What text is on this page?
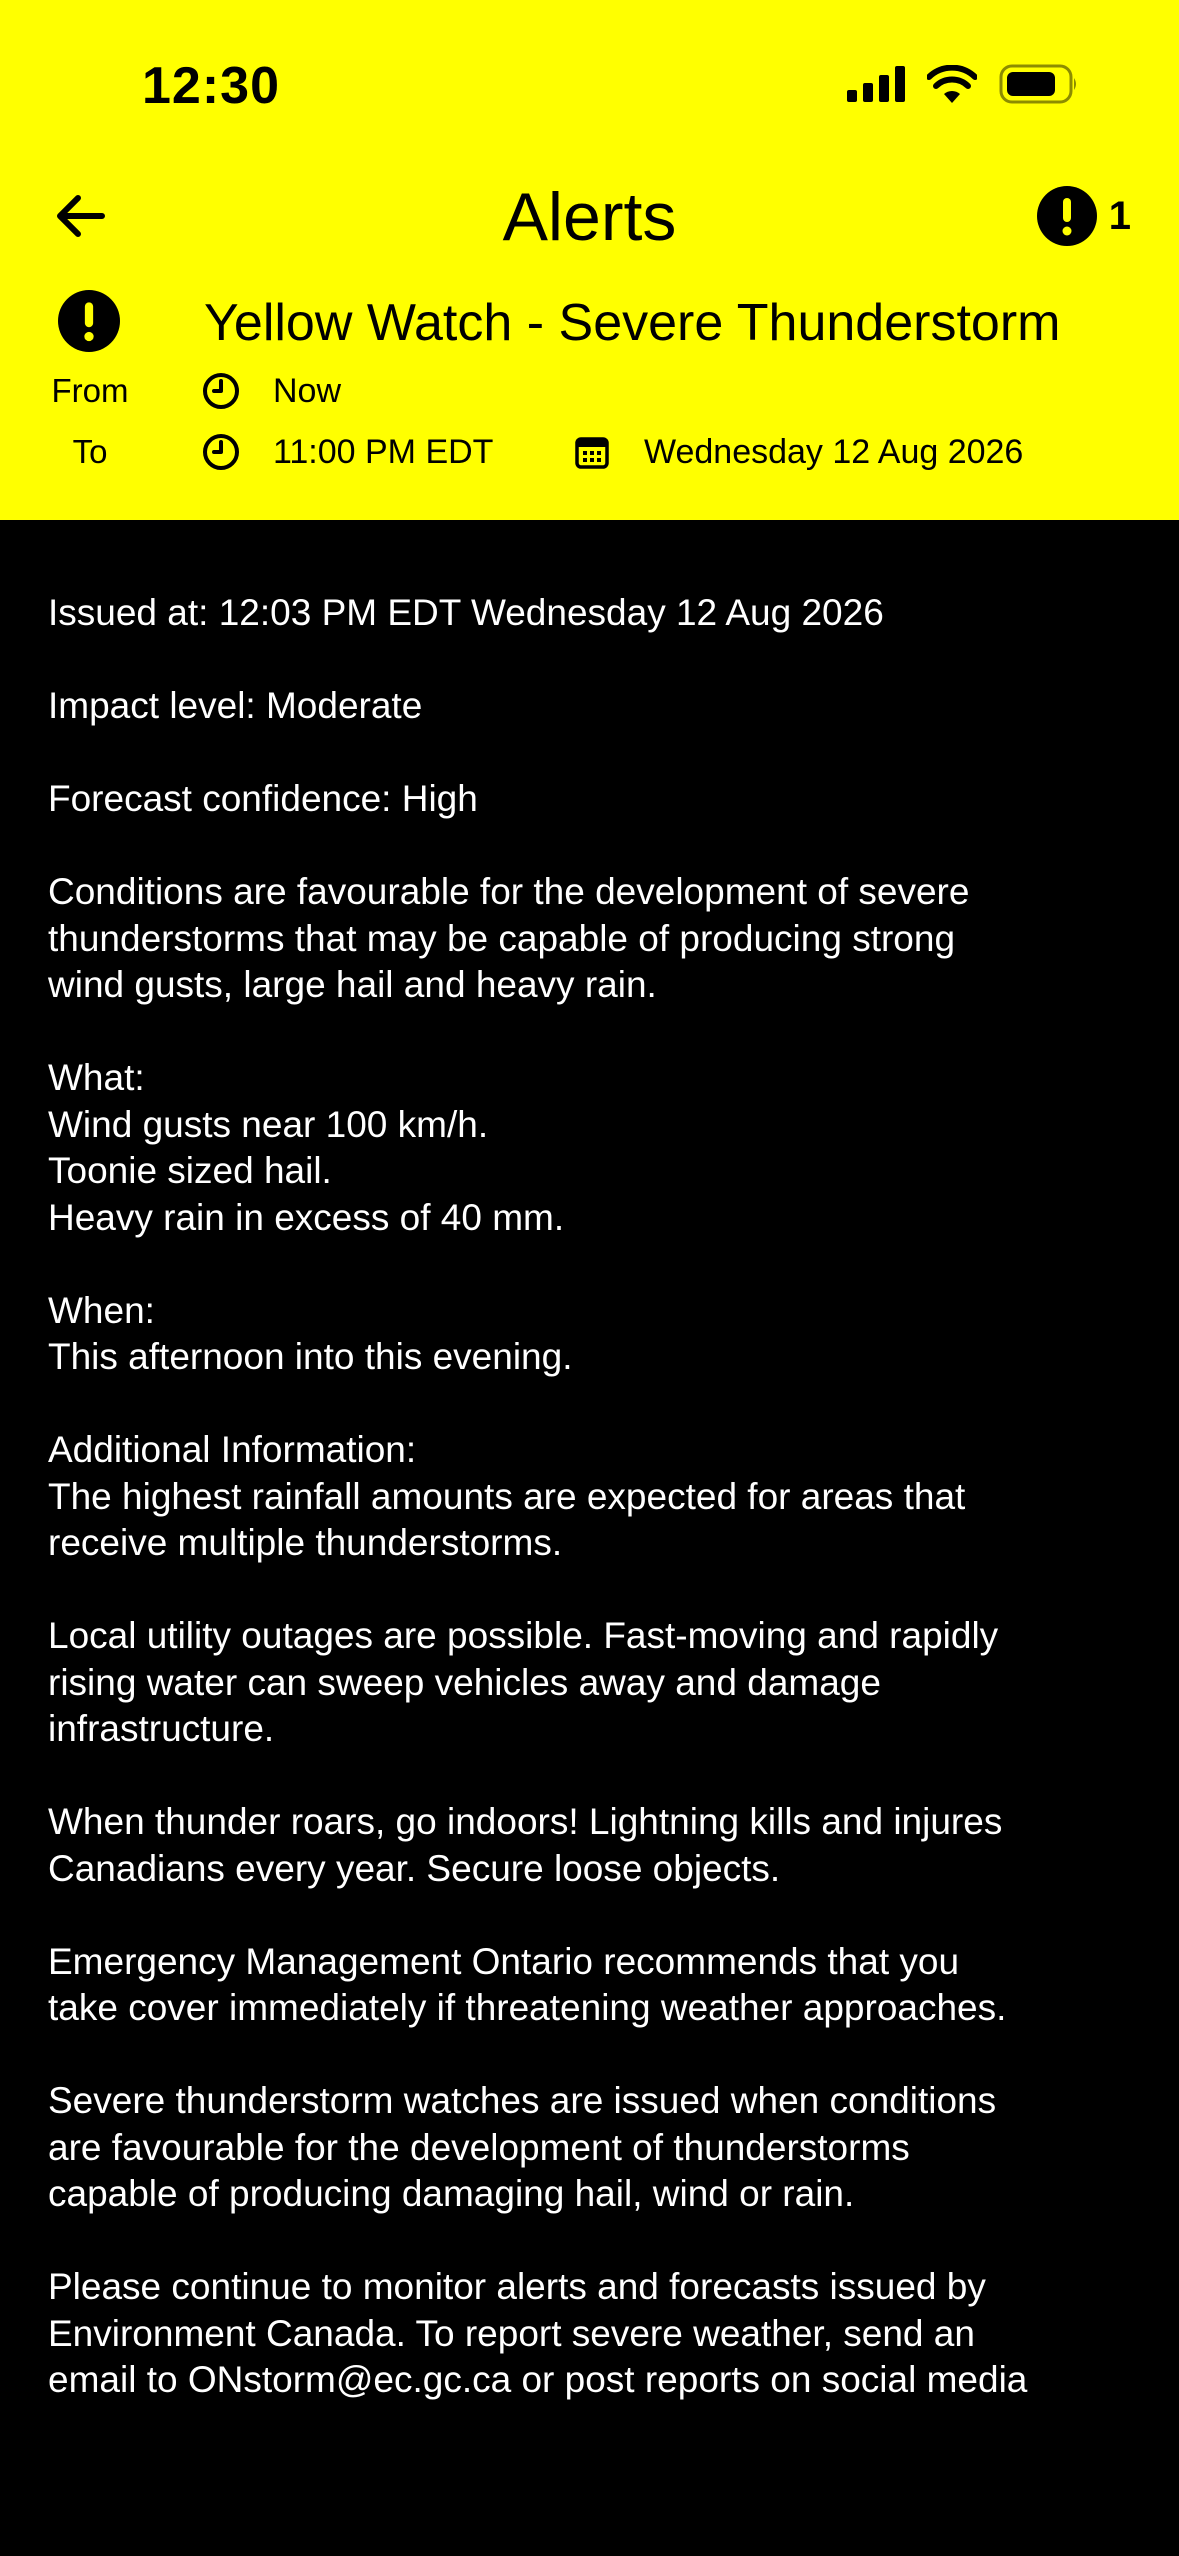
12:30
Alerts	1
Yellow Watch - Severe Thunderstorm
From	Now
To	11:00 PM EDT	Wednesday 12 Aug 2026

Issued at: 12:03 PM EDT Wednesday 12 Aug 2026

Impact level: Moderate

Forecast confidence: High

Conditions are favourable for the development of severe
thunderstorms that may be capable of producing strong
wind gusts, large hail and heavy rain.

What:
Wind gusts near 100 km/h.
Toonie sized hail.
Heavy rain in excess of 40 mm.

When:
This afternoon into this evening.

Additional Information:
The highest rainfall amounts are expected for areas that
receive multiple thunderstorms.

Local utility outages are possible. Fast-moving and rapidly
rising water can sweep vehicles away and damage
infrastructure.

When thunder roars, go indoors! Lightning kills and injures
Canadians every year. Secure loose objects.

Emergency Management Ontario recommends that you
take cover immediately if threatening weather approaches.

Severe thunderstorm watches are issued when conditions
are favourable for the development of thunderstorms
capable of producing damaging hail, wind or rain.

Please continue to monitor alerts and forecasts issued by
Environment Canada. To report severe weather, send an
email to ONstorm@ec.gc.ca or post reports on social media
